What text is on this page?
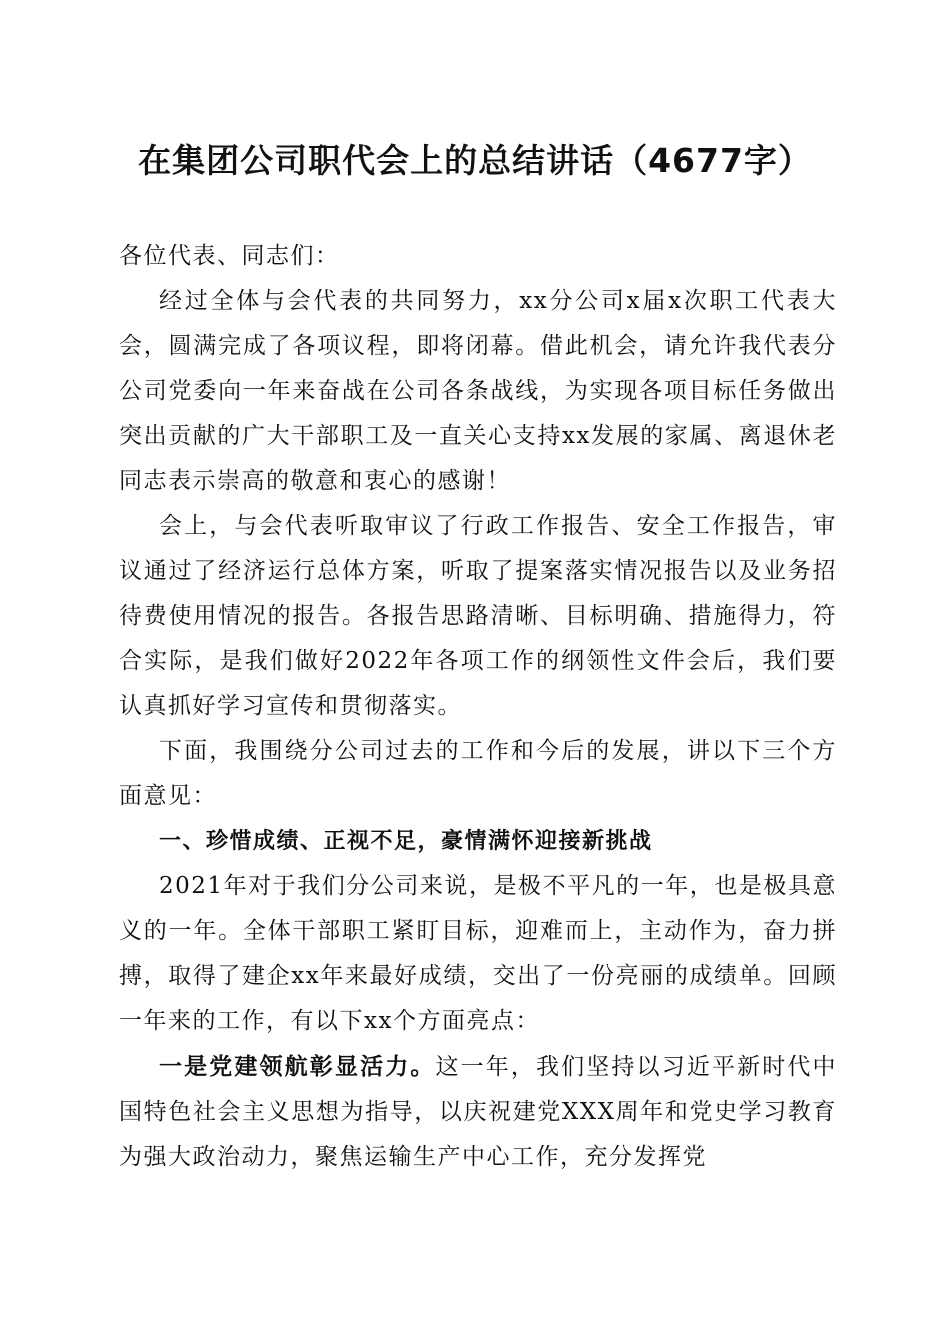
在集团公司职代会上的总结讲话（4677字）

各位代表、同志们：

经过全体与会代表的共同努力，xx分公司x届x次职工代表大会，圆满完成了各项议程，即将闭幕。借此机会，请允许我代表分公司党委向一年来奋战在公司各条战线，为实现各项目标任务做出突出贡献的广大干部职工及一直关心支持xx发展的家属、离退休老同志表示崇高的敬意和衷心的感谢！

会上，与会代表听取审议了行政工作报告、安全工作报告，审议通过了经济运行总体方案，听取了提案落实情况报告以及业务招待费使用情况的报告。各报告思路清晰、目标明确、措施得力，符合实际，是我们做好2022年各项工作的纲领性文件会后，我们要认真抓好学习宣传和贯彻落实。

下面，我围绕分公司过去的工作和今后的发展，讲以下三个方面意见：

一、珍惜成绩、正视不足，豪情满怀迎接新挑战

2021年对于我们分公司来说，是极不平凡的一年，也是极具意义的一年。全体干部职工紧盯目标，迎难而上，主动作为，奋力拼搏，取得了建企xx年来最好成绩，交出了一份亮丽的成绩单。回顾一年来的工作，有以下xx个方面亮点：

一是党建领航彰显活力。这一年，我们坚持以习近平新时代中国特色社会主义思想为指导，以庆祝建党XXX周年和党史学习教育为强大政治动力，聚焦运输生产中心工作，充分发挥党
